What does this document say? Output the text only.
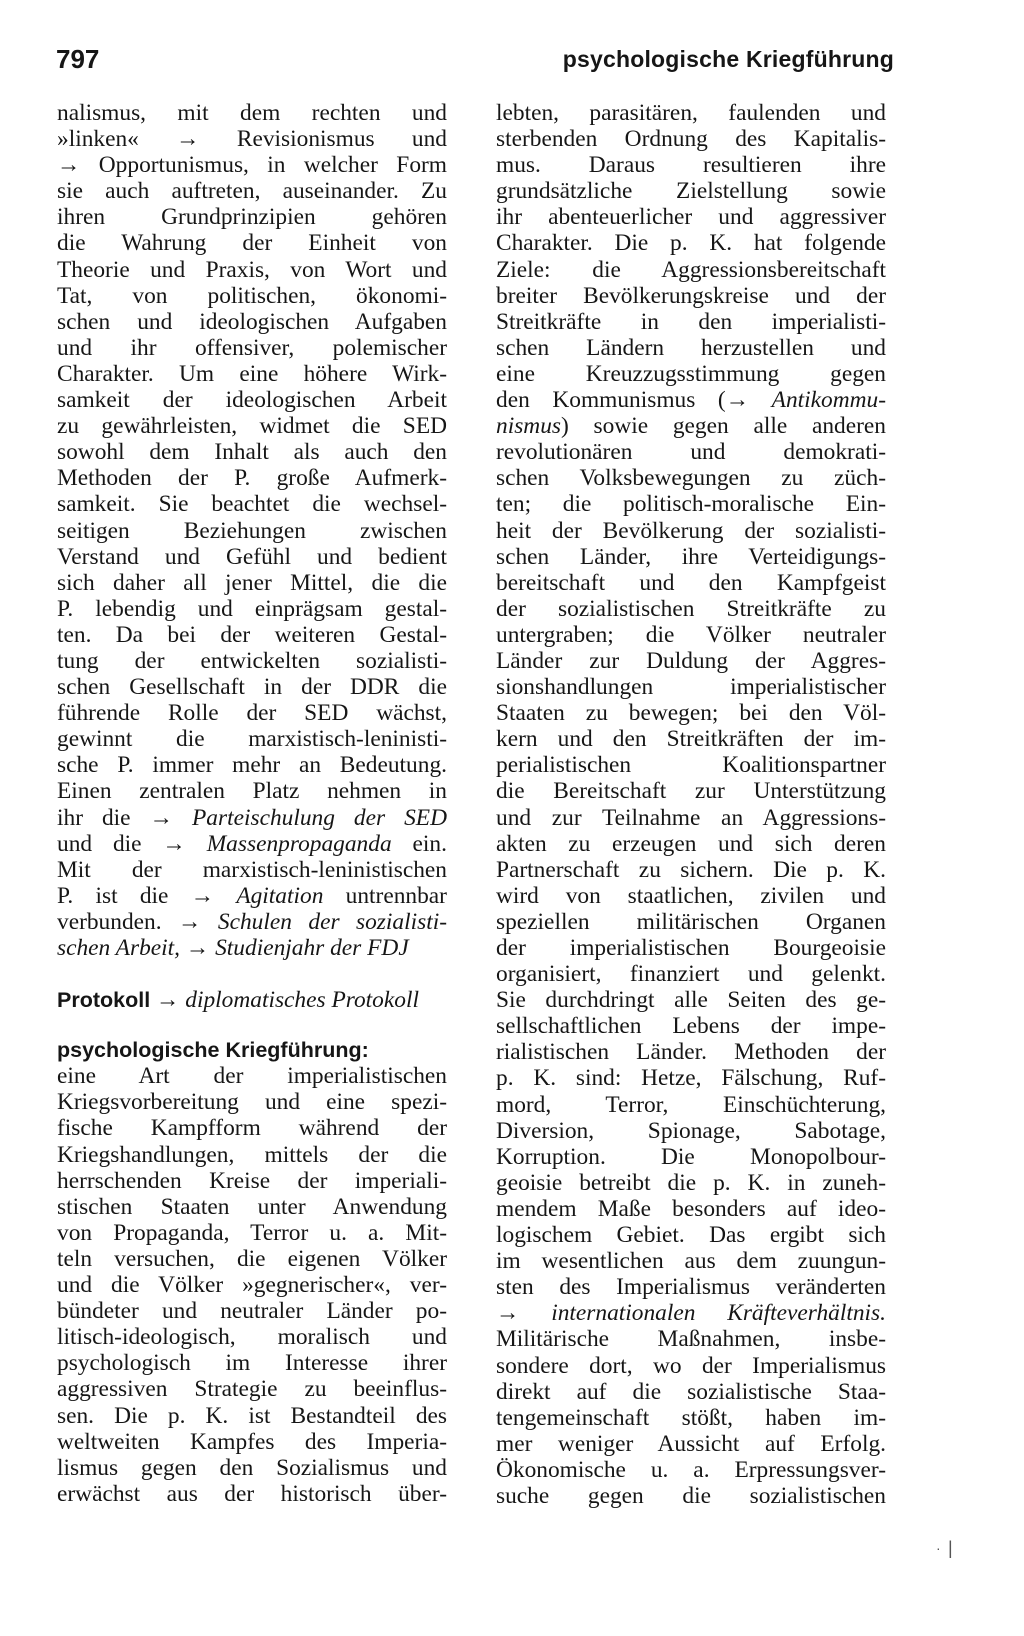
797	psychologische Kriegführung
nalismus, mit dem rechten und
»linken« → Revisionismus und
→ Opportunismus, in welcher Form
sie auch auftreten, auseinander. Zu
ihren Grundprinzipien gehören
die Wahrung der Einheit von
Theorie und Praxis, von Wort und
Tat, von politischen, ökonomi-
schen und ideologischen Aufgaben
und ihr offensiver, polemischer
Charakter. Um eine höhere Wirk-
samkeit der ideologischen Arbeit
zu gewährleisten, widmet die SED
sowohl dem Inhalt als auch den
Methoden der P. große Aufmerk-
samkeit. Sie beachtet die wechsel-
seitigen Beziehungen zwischen
Verstand und Gefühl und bedient
sich daher all jener Mittel, die die
P. lebendig und einprägsam gestal-
ten. Da bei der weiteren Gestal-
tung der entwickelten sozialisti-
schen Gesellschaft in der DDR die
führende Rolle der SED wächst,
gewinnt die marxistisch-leninisti-
sche P. immer mehr an Bedeutung.
Einen zentralen Platz nehmen in
ihr die → Parteischulung der SED
und die → Massenpropaganda ein.
Mit der marxistisch-leninistischen
P. ist die → Agitation untrennbar
verbunden. → Schulen der sozialisti-
schen Arbeit, → Studienjahr der FDJ
Protokoll → diplomatisches Protokoll
psychologische Kriegführung:
eine Art der imperialistischen
Kriegsvorbereitung und eine spezi-
fische Kampfform während der
Kriegshandlungen, mittels der die
herrschenden Kreise der imperiali-
stischen Staaten unter Anwendung
von Propaganda, Terror u. a. Mit-
teln versuchen, die eigenen Völker
und die Völker »gegnerischer«, ver-
bündeter und neutraler Länder po-
litisch-ideologisch, moralisch und
psychologisch im Interesse ihrer
aggressiven Strategie zu beeinflus-
sen. Die p. K. ist Bestandteil des
weltweiten Kampfes des Imperia-
lismus gegen den Sozialismus und
erwächst aus der historisch über-
lebten, parasitären, faulenden und
sterbenden Ordnung des Kapitalis-
mus. Daraus resultieren ihre
grundsätzliche Zielstellung sowie
ihr abenteuerlicher und aggressiver
Charakter. Die p. K. hat folgende
Ziele: die Aggressionsbereitschaft
breiter Bevölkerungskreise und der
Streitkräfte in den imperialisti-
schen Ländern herzustellen und
eine Kreuzzugsstimmung gegen
den Kommunismus (→ Antikommu-
nismus) sowie gegen alle anderen
revolutionären und demokrati-
schen Volksbewegungen zu züch-
ten; die politisch-moralische Ein-
heit der Bevölkerung der sozialisti-
schen Länder, ihre Verteidigungs-
bereitschaft und den Kampfgeist
der sozialistischen Streitkräfte zu
untergraben; die Völker neutraler
Länder zur Duldung der Aggres-
sionshandlungen imperialistischer
Staaten zu bewegen; bei den Völ-
kern und den Streitkräften der im-
perialistischen Koalitionspartner
die Bereitschaft zur Unterstützung
und zur Teilnahme an Aggressions-
akten zu erzeugen und sich deren
Partnerschaft zu sichern. Die p. K.
wird von staatlichen, zivilen und
speziellen militärischen Organen
der imperialistischen Bourgeoisie
organisiert, finanziert und gelenkt.
Sie durchdringt alle Seiten des ge-
sellschaftlichen Lebens der impe-
rialistischen Länder. Methoden der
p. K. sind: Hetze, Fälschung, Ruf-
mord, Terror, Einschüchterung,
Diversion, Spionage, Sabotage,
Korruption. Die Monopolbour-
geoisie betreibt die p. K. in zuneh-
mendem Maße besonders auf ideo-
logischem Gebiet. Das ergibt sich
im wesentlichen aus dem zuungun-
sten des Imperialismus veränderten
→ internationalen Kräfteverhältnis.
Militärische Maßnahmen, insbe-
sondere dort, wo der Imperialismus
direkt auf die sozialistische Staa-
tengemeinschaft stößt, haben im-
mer weniger Aussicht auf Erfolg.
Ökonomische u. a. Erpressungsver-
suche gegen die sozialistischen
· |
